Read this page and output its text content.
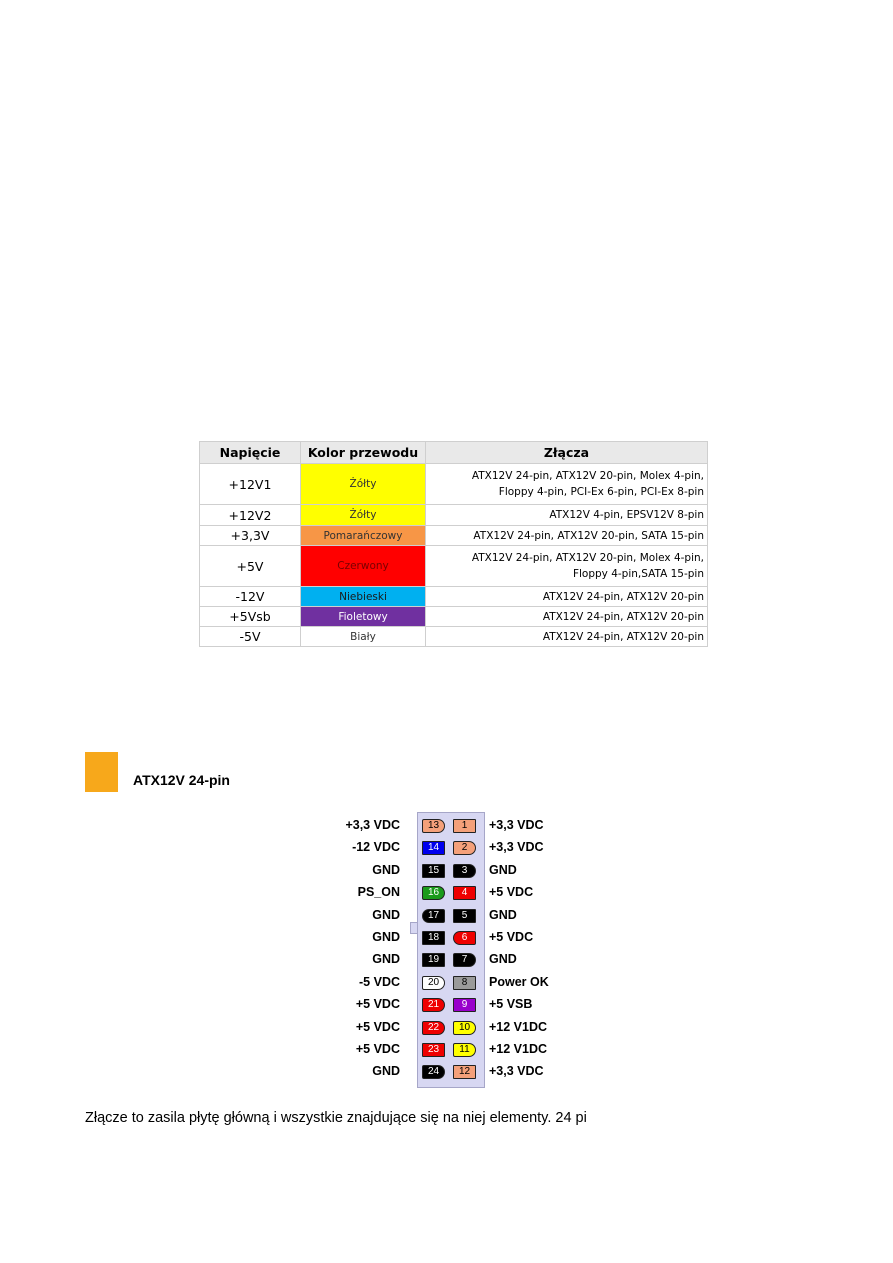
Napięcie	Kolor przewodu	Złącza
+12V1	Żółty	ATX12V 24-pin, ATX12V 20-pin, Molex 4-pin,
Floppy 4-pin, PCI-Ex 6-pin, PCI-Ex 8-pin

+12V2	Żółty	ATX12V 4-pin, EPSV12V 8-pin

+3,3V	Pomarańczowy	ATX12V 24-pin, ATX12V 20-pin, SATA 15-pin

+5V	Czerwony	ATX12V 24-pin, ATX12V 20-pin, Molex 4-pin,
Floppy 4-pin,SATA 15-pin

-12V	Niebieski	ATX12V 24-pin, ATX12V 20-pin

+5Vsb	Fioletowy	ATX12V 24-pin, ATX12V 20-pin

-5V	Biały	ATX12V 24-pin, ATX12V 20-pin
ATX12V 24-pin
+3,3 VDC	13	1	+3,3 VDC
-12 VDC	14	2	+3,3 VDC
GND	15	3	GND
PS_ON	16	4	+5 VDC
GND	17	5	GND
GND	18	6	+5 VDC
GND	19	7	GND
-5 VDC	20	8	Power OK
+5 VDC	21	9	+5 VSB
+5 VDC	22	10	+12 V1DC
+5 VDC	23	11	+12 V1DC
GND	24	12	+3,3 VDC
Złącze to zasila płytę główną i wszystkie znajdujące się na niej elementy. 24 pi
